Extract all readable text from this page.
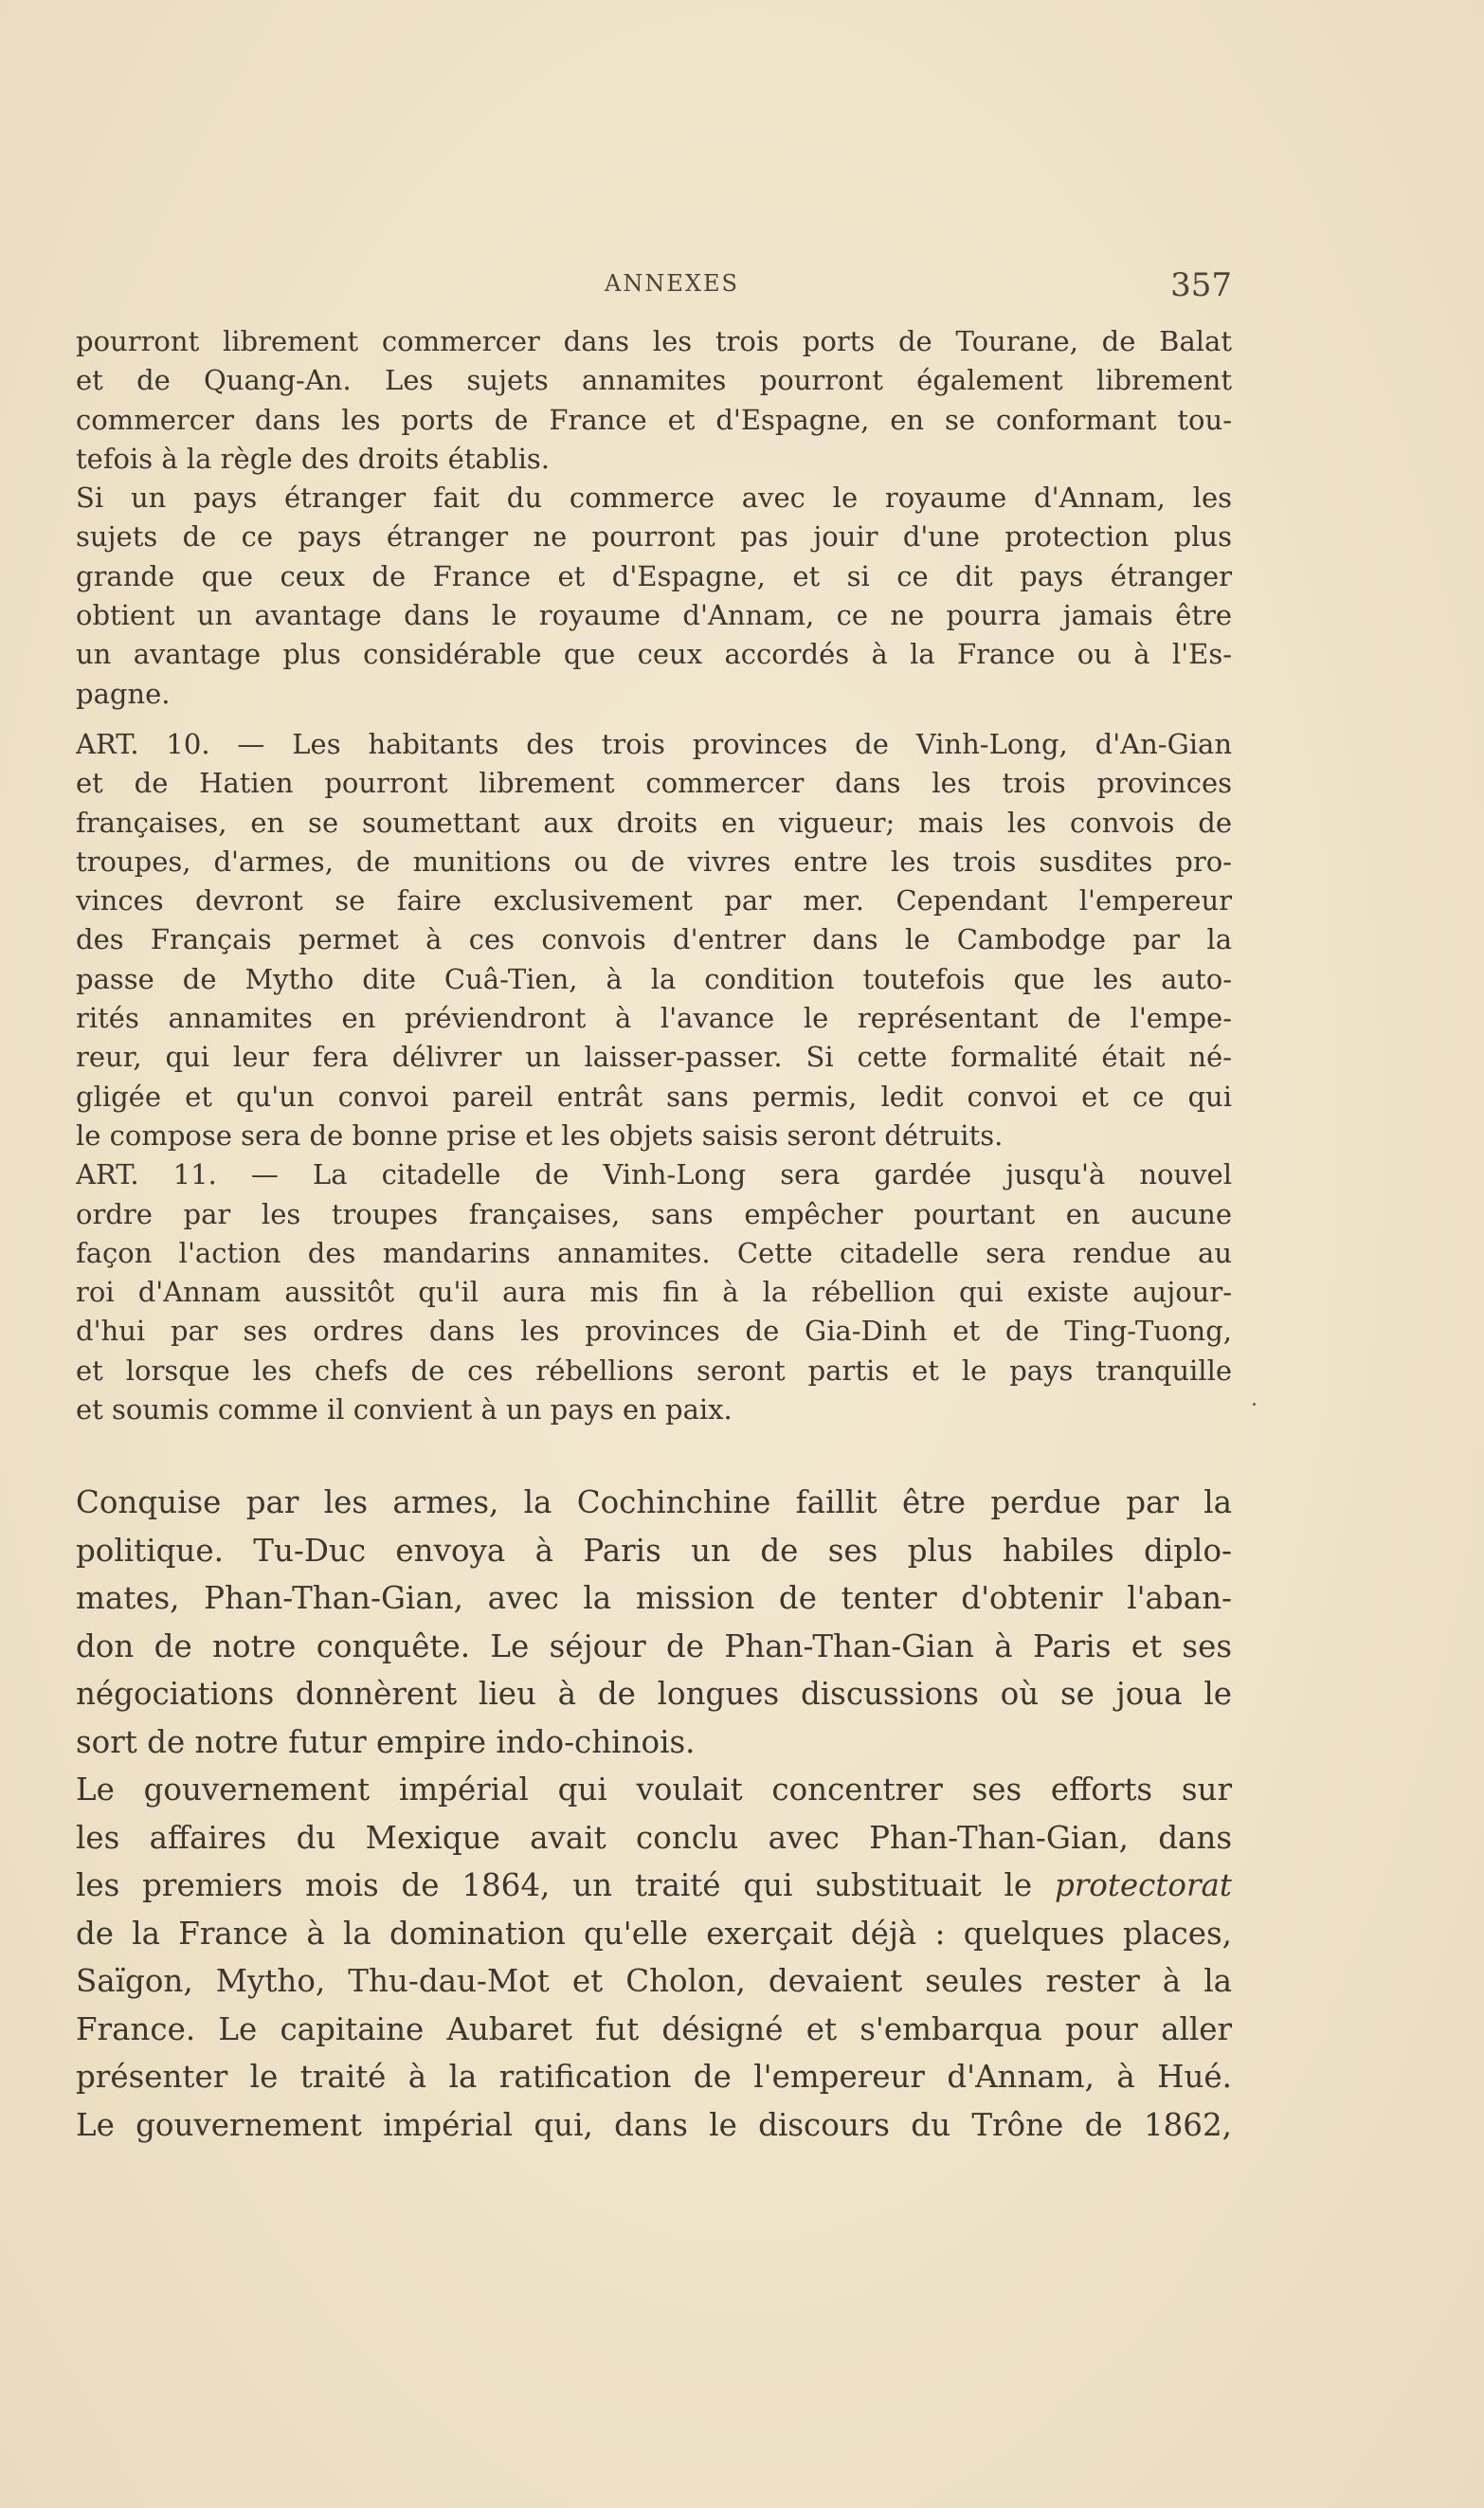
ANNEXES	357
pourront librement commercer dans les trois ports de Tourane, de Balat
et de Quang-An. Les sujets annamites pourront également librement
commercer dans les ports de France et d'Espagne, en se conformant tou-
tefois à la règle des droits établis.
Si un pays étranger fait du commerce avec le royaume d'Annam, les
sujets de ce pays étranger ne pourront pas jouir d'une protection plus
grande que ceux de France et d'Espagne, et si ce dit pays étranger
obtient un avantage dans le royaume d'Annam, ce ne pourra jamais être
un avantage plus considérable que ceux accordés à la France ou à l'Es-
pagne.
ART. 10. — Les habitants des trois provinces de Vinh-Long, d'An-Gian
et de Hatien pourront librement commercer dans les trois provinces
françaises, en se soumettant aux droits en vigueur; mais les convois de
troupes, d'armes, de munitions ou de vivres entre les trois susdites pro-
vinces devront se faire exclusivement par mer. Cependant l'empereur
des Français permet à ces convois d'entrer dans le Cambodge par la
passe de Mytho dite Cuâ-Tien, à la condition toutefois que les auto-
rités annamites en préviendront à l'avance le représentant de l'empe-
reur, qui leur fera délivrer un laisser-passer. Si cette formalité était né-
gligée et qu'un convoi pareil entrât sans permis, ledit convoi et ce qui
le compose sera de bonne prise et les objets saisis seront détruits.
ART. 11. — La citadelle de Vinh-Long sera gardée jusqu'à nouvel
ordre par les troupes françaises, sans empêcher pourtant en aucune
façon l'action des mandarins annamites. Cette citadelle sera rendue au
roi d'Annam aussitôt qu'il aura mis fin à la rébellion qui existe aujour-
d'hui par ses ordres dans les provinces de Gia-Dinh et de Ting-Tuong,
et lorsque les chefs de ces rébellions seront partis et le pays tranquille
et soumis comme il convient à un pays en paix.
Conquise par les armes, la Cochinchine faillit être perdue par la
politique. Tu-Duc envoya à Paris un de ses plus habiles diplo-
mates, Phan-Than-Gian, avec la mission de tenter d'obtenir l'aban-
don de notre conquête. Le séjour de Phan-Than-Gian à Paris et ses
négociations donnèrent lieu à de longues discussions où se joua le
sort de notre futur empire indo-chinois.
Le gouvernement impérial qui voulait concentrer ses efforts sur
les affaires du Mexique avait conclu avec Phan-Than-Gian, dans
les premiers mois de 1864, un traité qui substituait le protectorat
de la France à la domination qu'elle exerçait déjà : quelques places,
Saïgon, Mytho, Thu-dau-Mot et Cholon, devaient seules rester à la
France. Le capitaine Aubaret fut désigné et s'embarqua pour aller
présenter le traité à la ratification de l'empereur d'Annam, à Hué.
Le gouvernement impérial qui, dans le discours du Trône de 1862,
